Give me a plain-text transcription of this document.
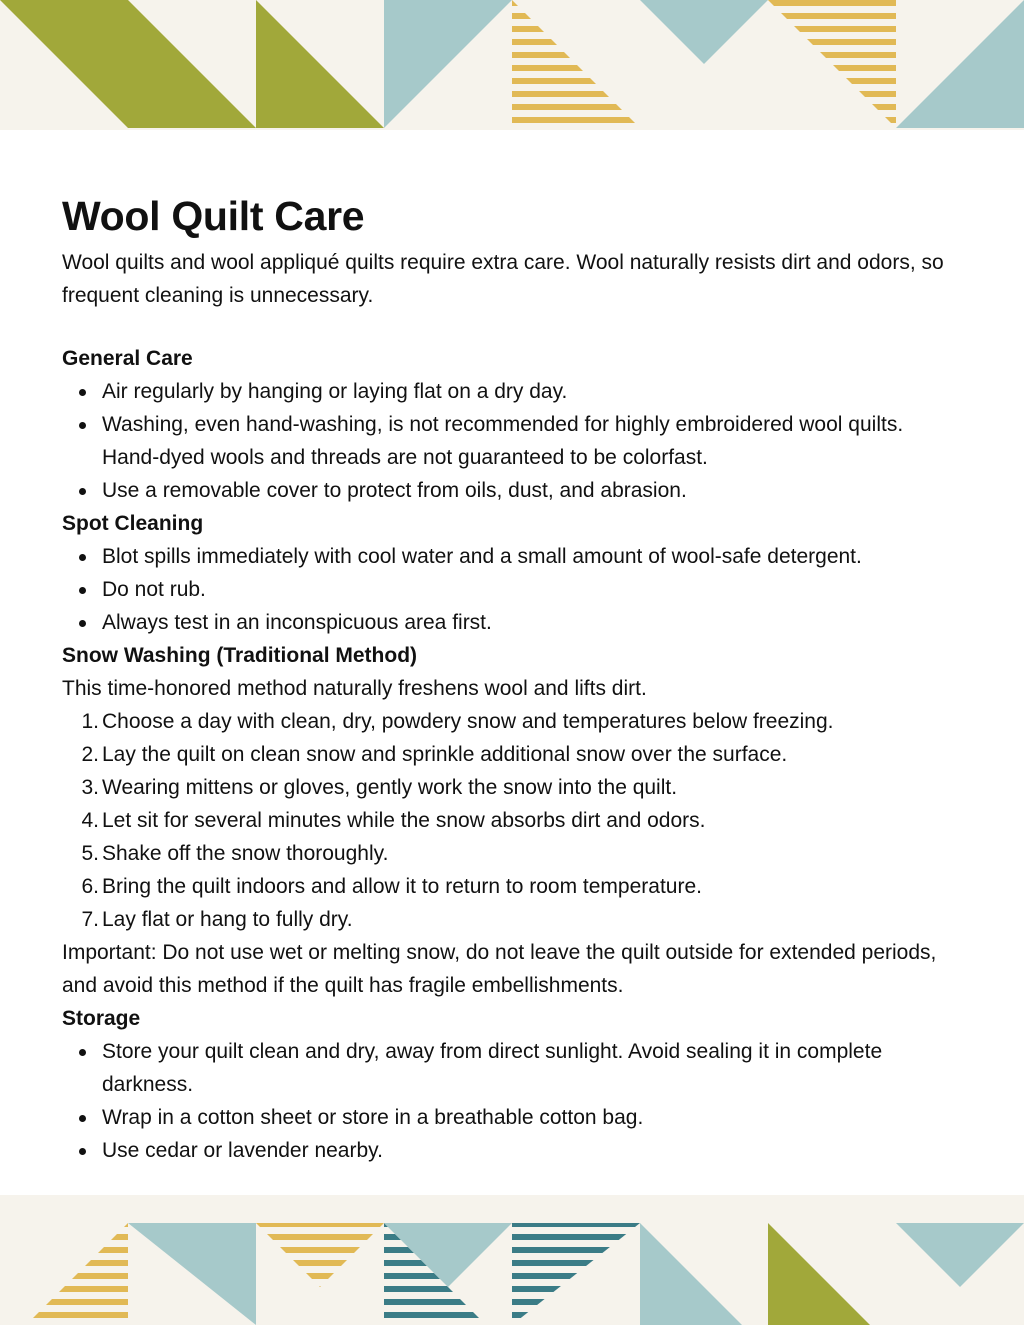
Wool Quilt Care

Wool quilts and wool appliqué quilts require extra care. Wool naturally resists dirt and odors, so frequent cleaning is unnecessary.

General Care
Air regularly by hanging or laying flat on a dry day.
Washing, even hand-washing, is not recommended for highly embroidered wool quilts. Hand-dyed wools and threads are not guaranteed to be colorfast.
Use a removable cover to protect from oils, dust, and abrasion.
Spot Cleaning
Blot spills immediately with cool water and a small amount of wool-safe detergent.
Do not rub.
Always test in an inconspicuous area first.
Snow Washing (Traditional Method)

This time-honored method naturally freshens wool and lifts dirt.

1. Choose a day with clean, dry, powdery snow and temperatures below freezing.
2. Lay the quilt on clean snow and sprinkle additional snow over the surface.
3. Wearing mittens or gloves, gently work the snow into the quilt.
4. Let sit for several minutes while the snow absorbs dirt and odors.
5. Shake off the snow thoroughly.
6. Bring the quilt indoors and allow it to return to room temperature.
7. Lay flat or hang to fully dry.

Important: Do not use wet or melting snow, do not leave the quilt outside for extended periods, and avoid this method if the quilt has fragile embellishments.

Storage
Store your quilt clean and dry, away from direct sunlight. Avoid sealing it in complete darkness.
Wrap in a cotton sheet or store in a breathable cotton bag.
Use cedar or lavender nearby.
